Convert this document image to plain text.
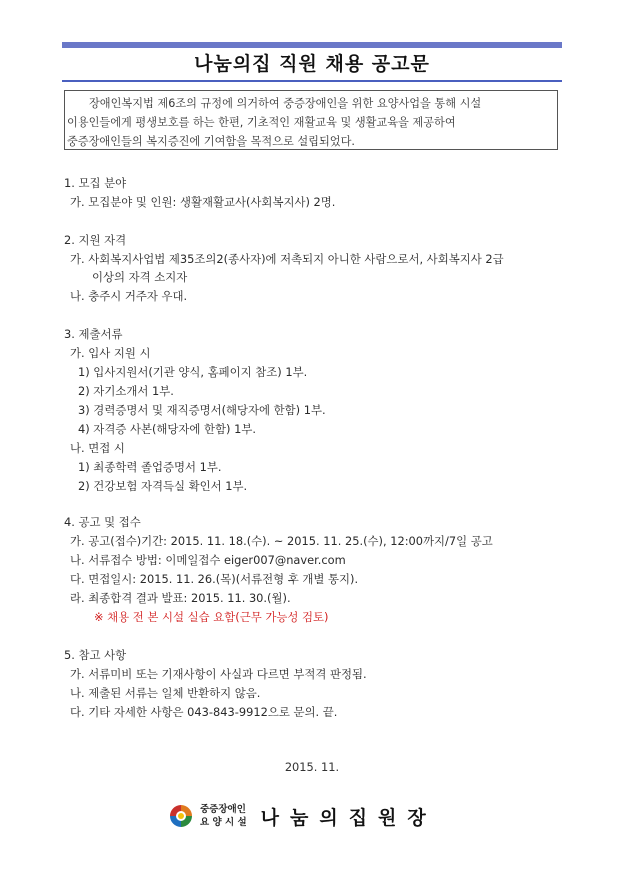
나눔의집 직원 채용 공고문
장애인복지법 제6조의 규정에 의거하여 중증장애인을 위한 요양사업을 통해 시설
이용인들에게 평생보호를 하는 한편, 기초적인 재활교육 및 생활교육을 제공하여
중증장애인들의 복지증진에 기여함을 목적으로 설립되었다.
1. 모집 분야
가. 모집분야 및 인원: 생활재활교사(사회복지사) 2명.
2. 지원 자격
가. 사회복지사업법 제35조의2(종사자)에 저촉되지 아니한 사람으로서, 사회복지사 2급
이상의 자격 소지자
나. 충주시 거주자 우대.
3. 제출서류
가. 입사 지원 시
1) 입사지원서(기관 양식, 홈페이지 참조) 1부.
2) 자기소개서 1부.
3) 경력증명서 및 재직증명서(해당자에 한함) 1부.
4) 자격증 사본(해당자에 한함) 1부.
나. 면접 시
1) 최종학력 졸업증명서 1부.
2) 건강보험 자격득실 확인서 1부.
4. 공고 및 접수
가. 공고(접수)기간: 2015. 11. 18.(수). ~ 2015. 11. 25.(수), 12:00까지/7일 공고
나. 서류접수 방법: 이메일접수 eiger007@naver.com
다. 면접일시: 2015. 11. 26.(목)(서류전형 후 개별 통지).
라. 최종합격 결과 발표: 2015. 11. 30.(월).
※ 채용 전 본 시설 실습 요함(근무 가능성 검토)
5. 참고 사항
가. 서류미비 또는 기재사항이 사실과 다르면 부적격 판정됨.
나. 제출된 서류는 일체 반환하지 않음.
다. 기타 자세한 사항은 043-843-9912으로 문의. 끝.
2015. 11.
중증장애인
요 양 시 설 나눔의집원장
